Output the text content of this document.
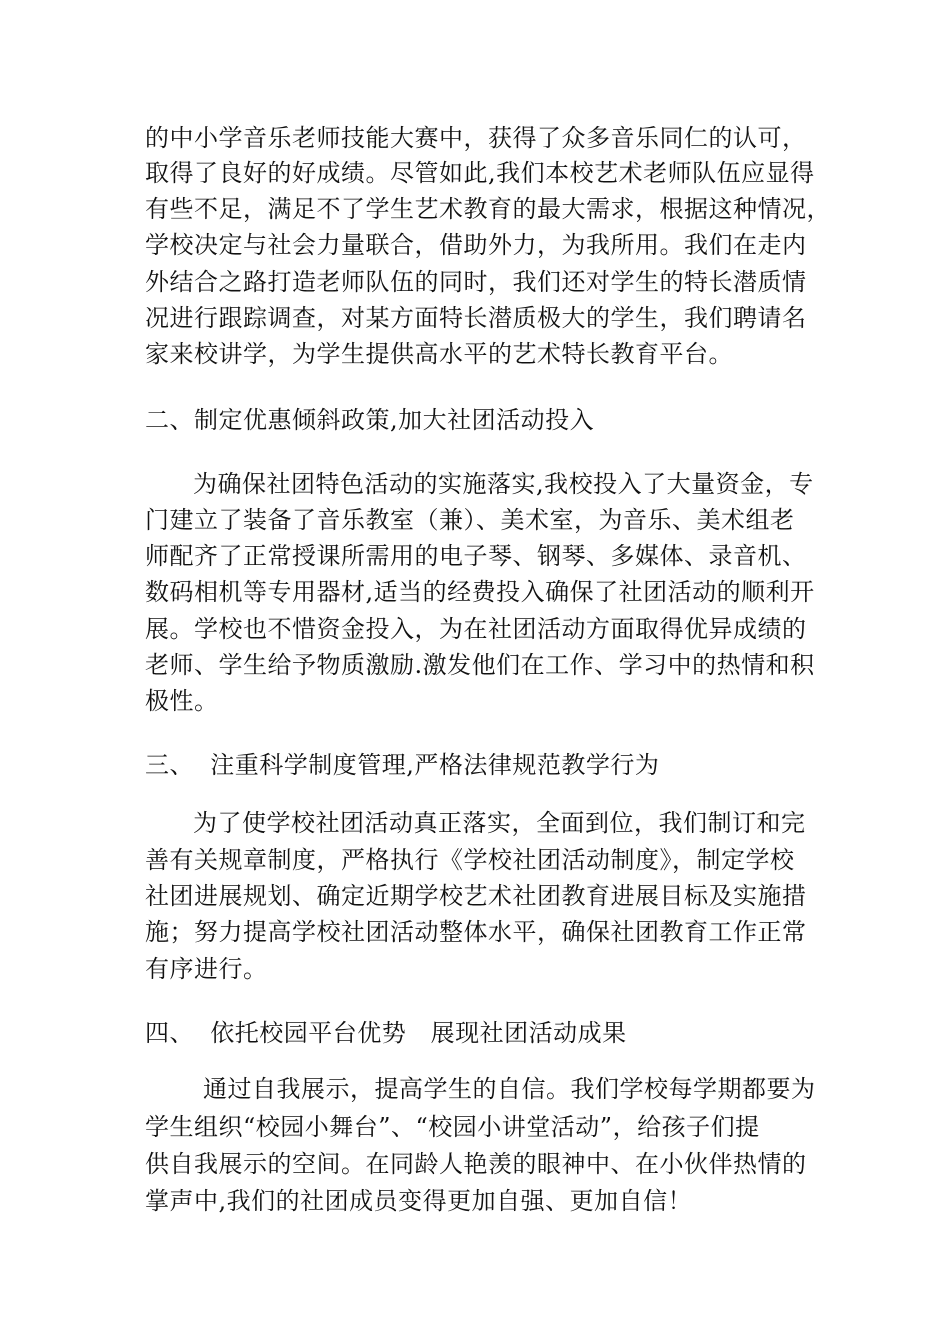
的中小学音乐老师技能大赛中，获得了众多音乐同仁的认可，
取得了良好的好成绩。尽管如此,我们本校艺术老师队伍应显得
有些不足，满足不了学生艺术教育的最大需求，根据这种情况，
学校决定与社会力量联合，借助外力，为我所用。我们在走内
外结合之路打造老师队伍的同时，我们还对学生的特长潜质情
况进行跟踪调查，对某方面特长潜质极大的学生，我们聘请名
家来校讲学，为学生提供高水平的艺术特长教育平台。
二、制定优惠倾斜政策,加大社团活动投入
为确保社团特色活动的实施落实,我校投入了大量资金，专
门建立了装备了音乐教室（兼）、美术室，为音乐、美术组老
师配齐了正常授课所需用的电子琴、钢琴、多媒体、录音机、
数码相机等专用器材,适当的经费投入确保了社团活动的顺利开
展。学校也不惜资金投入，为在社团活动方面取得优异成绩的
老师、学生给予物质激励.激发他们在工作、学习中的热情和积
极性。
三、  注重科学制度管理,严格法律规范教学行为
为了使学校社团活动真正落实，全面到位，我们制订和完
善有关规章制度，严格执行《学校社团活动制度》，制定学校
社团进展规划、确定近期学校艺术社团教育进展目标及实施措
施；努力提高学校社团活动整体水平，确保社团教育工作正常
有序进行。
四、  依托校园平台优势   展现社团活动成果
通过自我展示，提高学生的自信。我们学校每学期都要为
学生组织“校园小舞台”、“校园小讲堂活动”，给孩子们提
供自我展示的空间。在同龄人艳羡的眼神中、在小伙伴热情的
掌声中,我们的社团成员变得更加自强、更加自信！
